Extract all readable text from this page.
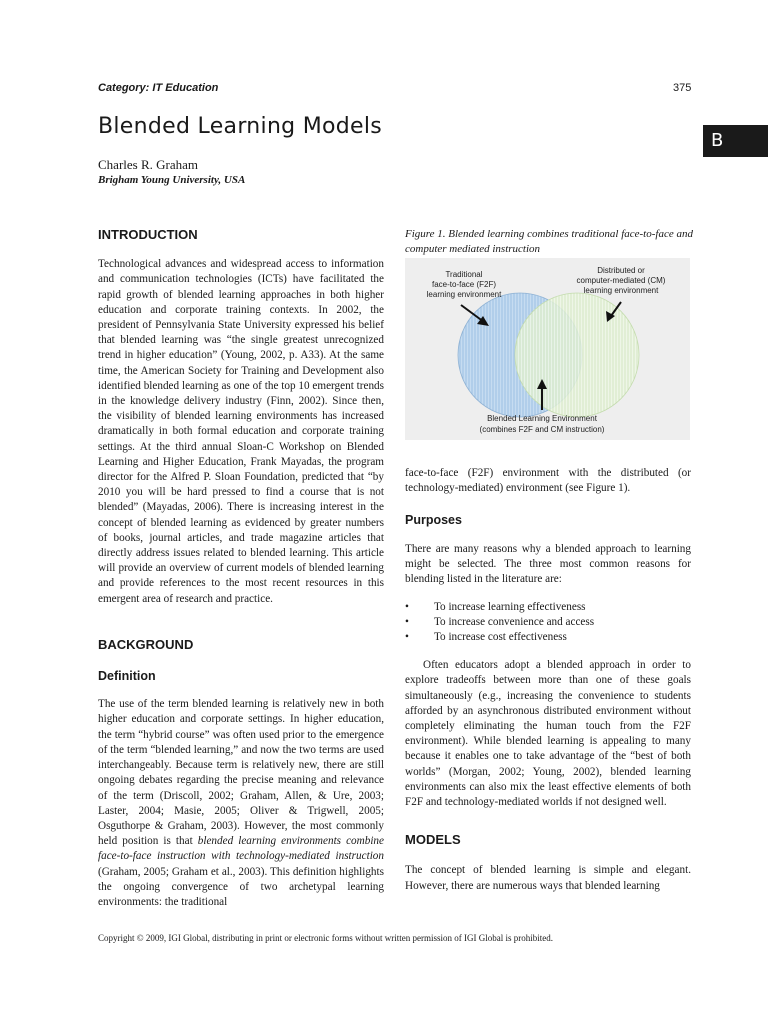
Category: IT Education	375
Blended Learning Models
B
Charles R. Graham
Brigham Young University, USA
INTRODUCTION

Technological advances and widespread access to information and communication technologies (ICTs) have facilitated the rapid growth of blended learning approaches in both higher education and corporate training contexts. In 2002, the president of Pennsylvania State University expressed his belief that blended learning was “the single greatest unrecognized trend in higher education” (Young, 2002, p. A33). At the same time, the American Society for Training and Development also identified blended learning as one of the top 10 emergent trends in the knowledge delivery industry (Finn, 2002). Since then, the visibility of blended learning environments has increased dramatically in both formal education and corporate training settings. At the third annual Sloan-C Workshop on Blended Learning and Higher Education, Frank Mayadas, the program director for the Alfred P. Sloan Foundation, predicted that “by 2010 you will be hard pressed to find a course that is not blended” (Mayadas, 2006). There is increasing interest in the concept of blended learning as evidenced by greater numbers of books, journal articles, and trade magazine articles that directly address issues related to blended learning. This article will provide an overview of current models of blended learning and provide references to the most recent resources in this emergent area of research and practice.

BACKGROUND
Definition

The use of the term blended learning is relatively new in both higher education and corporate settings. In higher education, the term “hybrid course” was often used prior to the emergence of the term “blended learning,” and now the two terms are used interchangeably. Because term is relatively new, there are still ongoing debates regarding the precise meaning and relevance of the term (Driscoll, 2002; Graham, Allen, & Ure, 2003; Laster, 2004; Masie, 2005; Oliver & Trigwell, 2005; Osguthorpe & Graham, 2003). However, the most commonly held position is that blended learning environments combine face-to-face instruction with technology-mediated instruction (Graham, 2005; Graham et al., 2003). This definition highlights the ongoing convergence of two archetypal learning environments: the traditional

Figure 1. Blended learning combines traditional face-to-face and computer mediated instruction
Traditional
face-to-face (F2F)
learning environment
Distributed or
computer-mediated (CM)
learning environment
Blended Learning Environment
(combines F2F and CM instruction)

face-to-face (F2F) environment with the distributed (or technology-mediated) environment (see Figure 1).

Purposes

There are many reasons why a blended approach to learning might be selected. The three most common reasons for blending listed in the literature are:

• To increase learning effectiveness
• To increase convenience and access
• To increase cost effectiveness

Often educators adopt a blended approach in order to explore tradeoffs between more than one of these goals simultaneously (e.g., increasing the convenience to students afforded by an asynchronous distributed environment without completely eliminating the human touch from the F2F environment). While blended learning is appealing to many because it enables one to take advantage of the “best of both worlds” (Morgan, 2002; Young, 2002), blended learning environments can also mix the least effective elements of both F2F and technology-mediated worlds if not designed well.

MODELS

The concept of blended learning is simple and elegant. However, there are numerous ways that blended learning

Copyright © 2009, IGI Global, distributing in print or electronic forms without written permission of IGI Global is prohibited.
